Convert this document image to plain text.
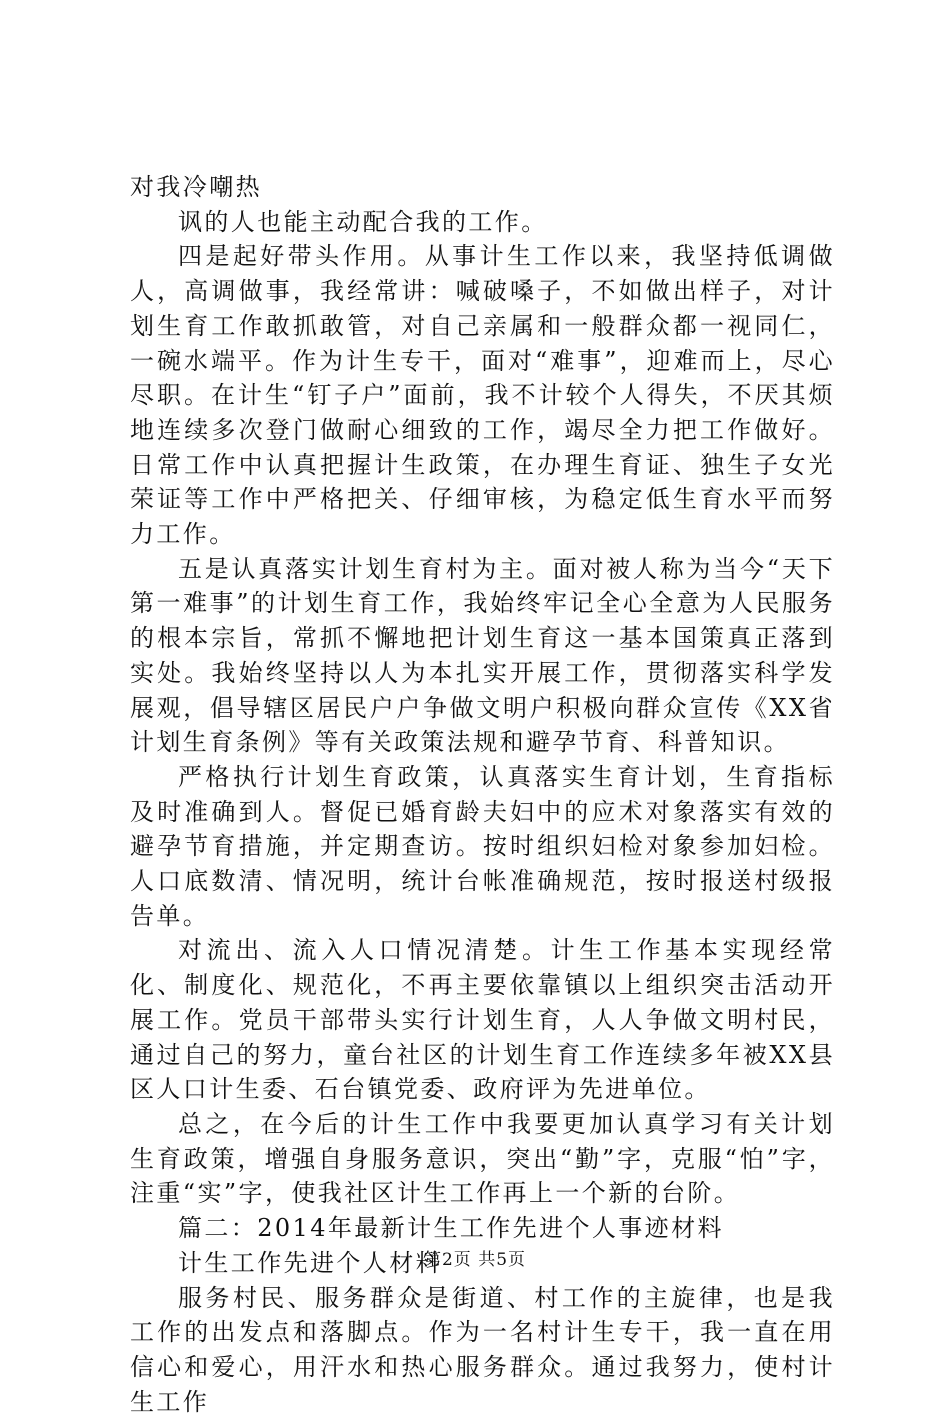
对我冷嘲热

讽的人也能主动配合我的工作。

四是起好带头作用。从事计生工作以来，我坚持低调做人，高调做事，我经常讲：喊破嗓子，不如做出样子，对计划生育工作敢抓敢管，对自己亲属和一般群众都一视同仁，一碗水端平。作为计生专干，面对“难事”，迎难而上，尽心尽职。在计生“钉子户”面前，我不计较个人得失，不厌其烦地连续多次登门做耐心细致的工作，竭尽全力把工作做好。日常工作中认真把握计生政策，在办理生育证、独生子女光荣证等工作中严格把关、仔细审核，为稳定低生育水平而努力工作。

五是认真落实计划生育村为主。面对被人称为当今“天下第一难事”的计划生育工作，我始终牢记全心全意为人民服务的根本宗旨，常抓不懈地把计划生育这一基本国策真正落到实处。我始终坚持以人为本扎实开展工作，贯彻落实科学发展观，倡导辖区居民户户争做文明户积极向群众宣传《XX省计划生育条例》等有关政策法规和避孕节育、科普知识。

严格执行计划生育政策，认真落实生育计划，生育指标及时准确到人。督促已婚育龄夫妇中的应术对象落实有效的避孕节育措施，并定期查访。按时组织妇检对象参加妇检。人口底数清、情况明，统计台帐准确规范，按时报送村级报告单。

对流出、流入人口情况清楚。计生工作基本实现经常化、制度化、规范化，不再主要依靠镇以上组织突击活动开展工作。党员干部带头实行计划生育，人人争做文明村民，通过自己的努力，童台社区的计划生育工作连续多年被XX县区人口计生委、石台镇党委、政府评为先进单位。

总之，在今后的计生工作中我要更加认真学习有关计划生育政策，增强自身服务意识，突出“勤”字，克服“怕”字，注重“实”字，使我社区计生工作再上一个新的台阶。

篇二：2014年最新计生工作先进个人事迹材料

计生工作先进个人材料

服务村民、服务群众是街道、村工作的主旋律，也是我工作的出发点和落脚点。作为一名村计生专干，我一直在用信心和爱心，用汗水和热心服务群众。通过我努力，使村计生工作

第2页 共5页
